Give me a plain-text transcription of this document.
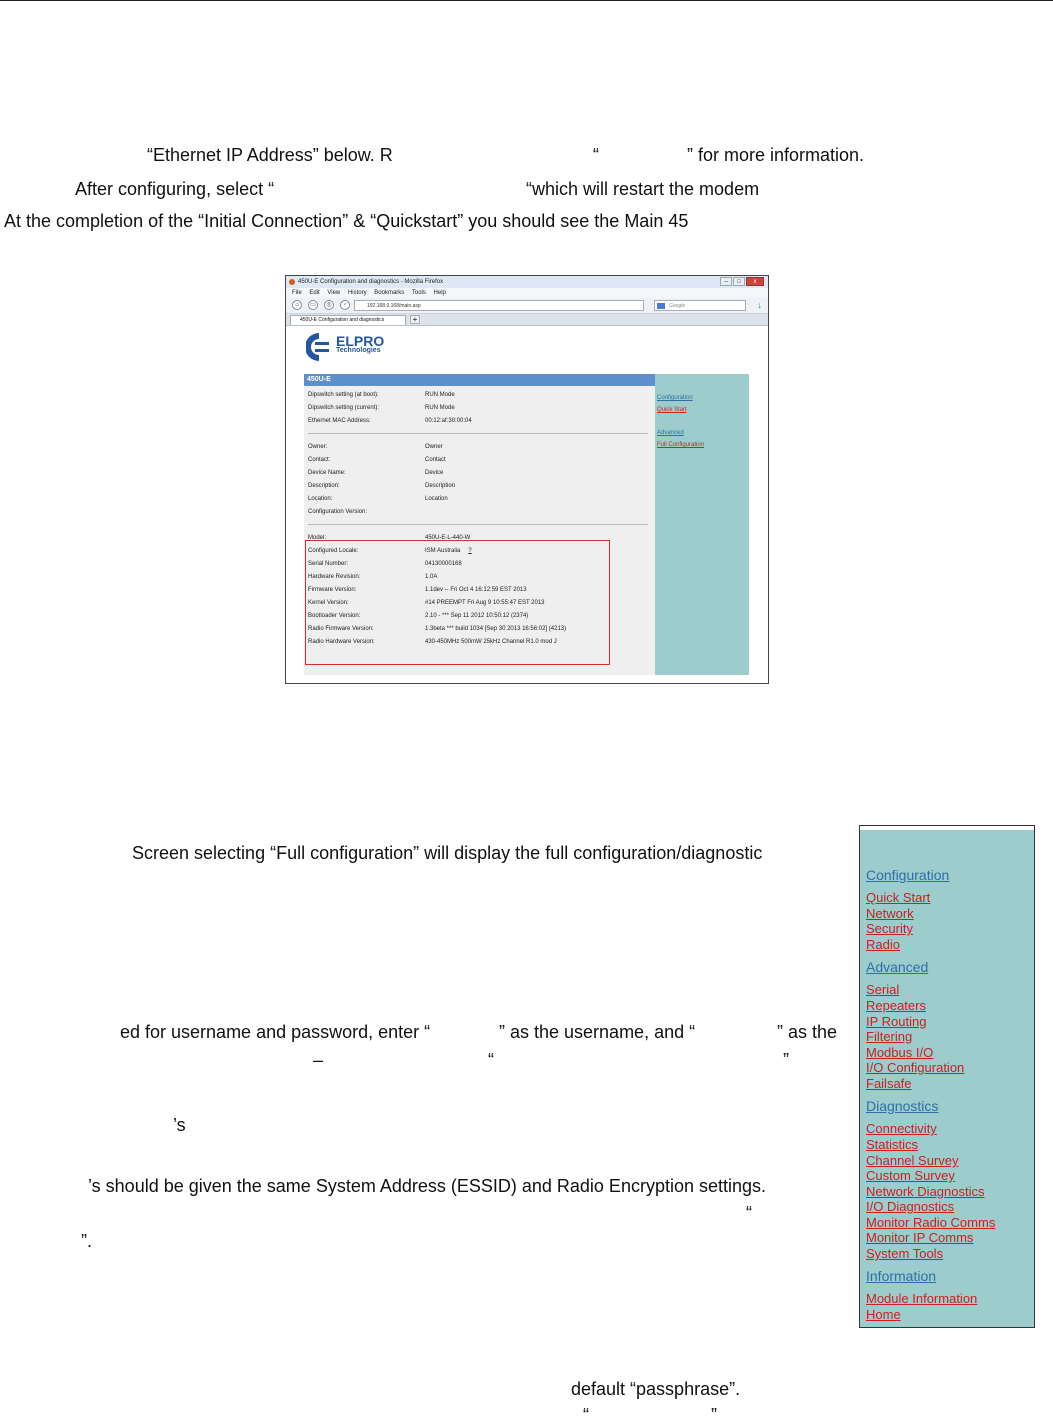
“Ethernet IP Address” below. R	“	” for more information.
After configuring, select “	“which will restart the modem
At the completion of the “Initial Connection” & “Quickstart” you should see the Main 45
450U-E Configuration and diagnostics - Mozilla Firefox	–	□	x
File Edit View History Bookmarks Tools Help
⌂	▭	◎	‹	192.168.0.168/main.asp	Google	↓
450U-E Configuration and diagnostics	+
ELPRO
Technologies
450U-E
Dipswitch setting (at boot):	RUN Mode
Dipswitch setting (current):	RUN Mode
Ethernet MAC Address:	00:12:af:30:00:04
Owner:	Owner
Contact:	Contact
Device Name:	Device
Description:	Description
Location:	Location
Configuration Version:
Model:	450U-E-L-440-W
Configured Locale:	ISM Australia ?
Serial Number:	04130000168
Hardware Revision:	1.0A
Firmware Version:	1.1dev -- Fri Oct 4 16:12:59 EST 2013
Kernel Version:	#14 PREEMPT Fri Aug 9 10:55:47 EST 2013
Bootloader Version:	2.10 - *** Sep 11 2012 10:50:12 (2374)
Radio Firmware Version:	1.3beta *** build 1034 [Sep 30 2013 16:56:02] (4213)
Radio Hardware Version:	430-450MHz 500mW 25kHz Channel R1.0 mod J
Configuration
Quick Start
Advanced
Full Configuration
Screen selecting “Full configuration” will display the full configuration/diagnostic
ed for username and password, enter “	” as the username, and “	” as the
–	“	”
’s
’s should be given the same System Address (ESSID) and Radio Encryption settings.
“
”.
default “passphrase”.
“	”
Configuration
Quick Start
Network
Security
Radio
Advanced
Serial
Repeaters
IP Routing
Filtering
Modbus I/O
I/O Configuration
Failsafe
Diagnostics
Connectivity
Statistics
Channel Survey
Custom Survey
Network Diagnostics
I/O Diagnostics
Monitor Radio Comms
Monitor IP Comms
System Tools
Information
Module Information
Home
